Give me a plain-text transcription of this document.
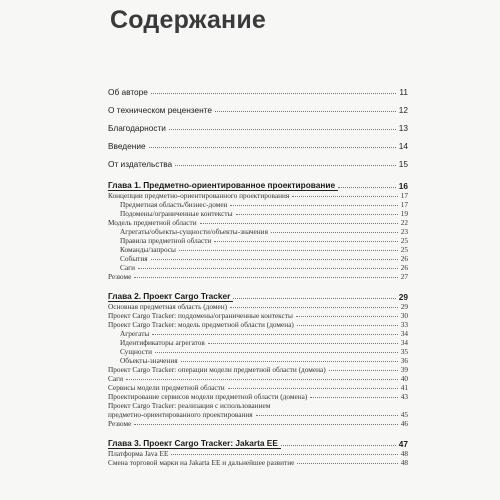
Содержание
Об авторе	11
О техническом рецензенте	12
Благодарности	13
Введение	14
От издательства	15
Глава 1. Предметно-ориентированное проектирование	16
Концепции предметно-ориентированного проектирования	17
Предметная область/бизнес-домен	17
Подомены/ограниченные контексты	19
Модель предметной области	22
Агрегаты/объекты-сущности/объекты-значения	23
Правила предметной области	25
Команды/запросы	25
События	26
Саги	26
Резюме	27
Глава 2. Проект Cargo Tracker	29
Основная предметная область (домен)	29
Проект Cargo Tracker: поддомены/ограниченные контексты	30
Проект Cargo Tracker: модель предметной области (домена)	33
Агрегаты	34
Идентификаторы агрегатов	34
Сущности	35
Объекты-значения	36
Проект Cargo Tracker: операции модели предметной области (домена)	39
Саги	40
Сервисы модели предметной области	41
Проектирование сервисов модели предметной области (домена)	43
Проект Cargo Tracker: реализация с использованием
предметно-ориентированного проектирования	45
Резюме	46
Глава 3. Проект Cargo Tracker: Jakarta EE	47
Платформа Java EE	48
Смена торговой марки на Jakarta EE и дальнейшее развитие	48
